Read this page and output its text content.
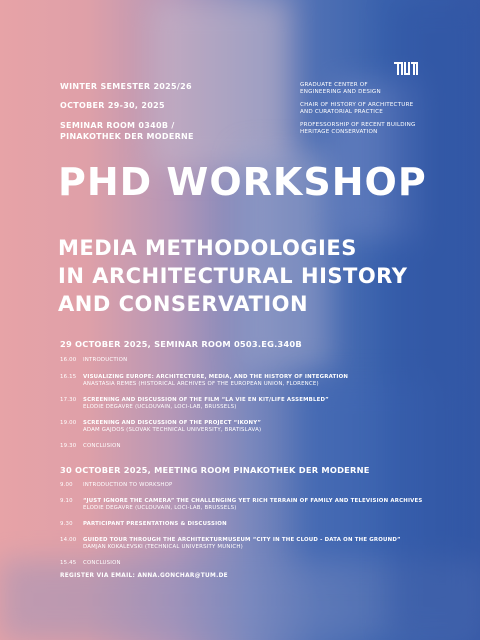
WINTER SEMESTER 2025/26
OCTOBER 29-30, 2025
SEMINAR ROOM 0340B /
PINAKOTHEK DER MODERNE
GRADUATE CENTER OF
ENGINEERING AND DESIGN
CHAIR OF HISTORY OF ARCHITECTURE
AND CURATORIAL PRACTICE
PROFESSORSHIP OF RECENT BUILDING
HERITAGE CONSERVATION
PHD WORKSHOP
MEDIA METHODOLOGIES
IN ARCHITECTURAL HISTORY
AND CONSERVATION
29 OCTOBER 2025, SEMINAR ROOM 0503.EG.340B
16.00	INTRODUCTION
16.15	VISUALIZING EUROPE: ARCHITECTURE, MEDIA, AND THE HISTORY OF INTEGRATION
ANASTASIA REMES (HISTORICAL ARCHIVES OF THE EUROPEAN UNION, FLORENCE)
17.30	SCREENING AND DISCUSSION OF THE FILM “LA VIE EN KIT/LIFE ASSEMBLED”
ELODIE DEGAVRE (UCLOUVAIN, LOCI-LAB, BRUSSELS)
19.00	SCREENING AND DISCUSSION OF THE PROJECT “IKONY”
ADAM GAJDOS (SLOVAK TECHNICAL UNIVERSITY, BRATISLAVA)
19.30	CONCLUSION
30 OCTOBER 2025, MEETING ROOM PINAKOTHEK DER MODERNE
9.00	INTRODUCTION TO WORKSHOP
9.10	“JUST IGNORE THE CAMERA” THE CHALLENGING YET RICH TERRAIN OF FAMILY AND TELEVISION ARCHIVES
ELODIE DEGAVRE (UCLOUVAIN, LOCI-LAB, BRUSSELS)
9.30	PARTICIPANT PRESENTATIONS & DISCUSSION
14.00	GUIDED TOUR THROUGH THE ARCHITEKTURMUSEUM “CITY IN THE CLOUD - DATA ON THE GROUND”
DAMJAN KOKALEVSKI (TECHNICAL UNIVERSITY MUNICH)
15.45	CONCLUSION
REGISTER VIA EMAIL: ANNA.GONCHAR@TUM.DE
